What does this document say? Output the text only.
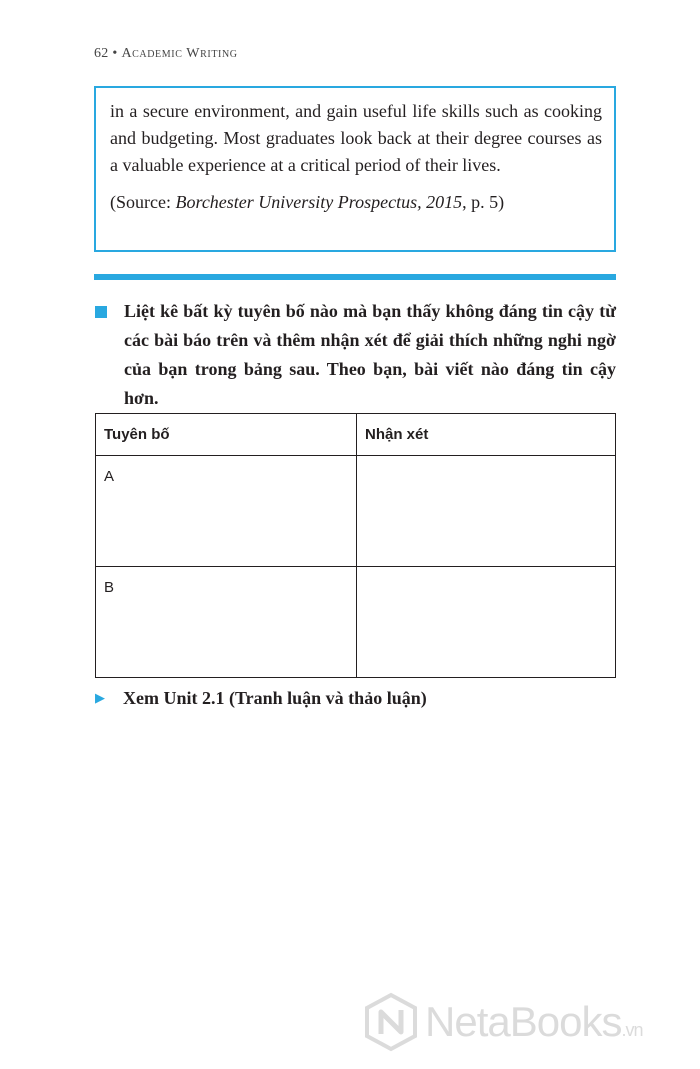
62 • Academic Writing

in a secure environment, and gain useful life skills such as cooking and budgeting. Most graduates look back at their degree courses as a valuable experience at a critical period of their lives.

(Source: Borchester University Prospectus, 2015, p. 5)

Liệt kê bất kỳ tuyên bố nào mà bạn thấy không đáng tin cậy từ các bài báo trên và thêm nhận xét để giải thích những nghi ngờ của bạn trong bảng sau. Theo bạn, bài viết nào đáng tin cậy hơn.

Tuyên bố	Nhận xét
A	
B	
▶ Xem Unit 2.1 (Tranh luận và thảo luận)
NetaBooks.vn
